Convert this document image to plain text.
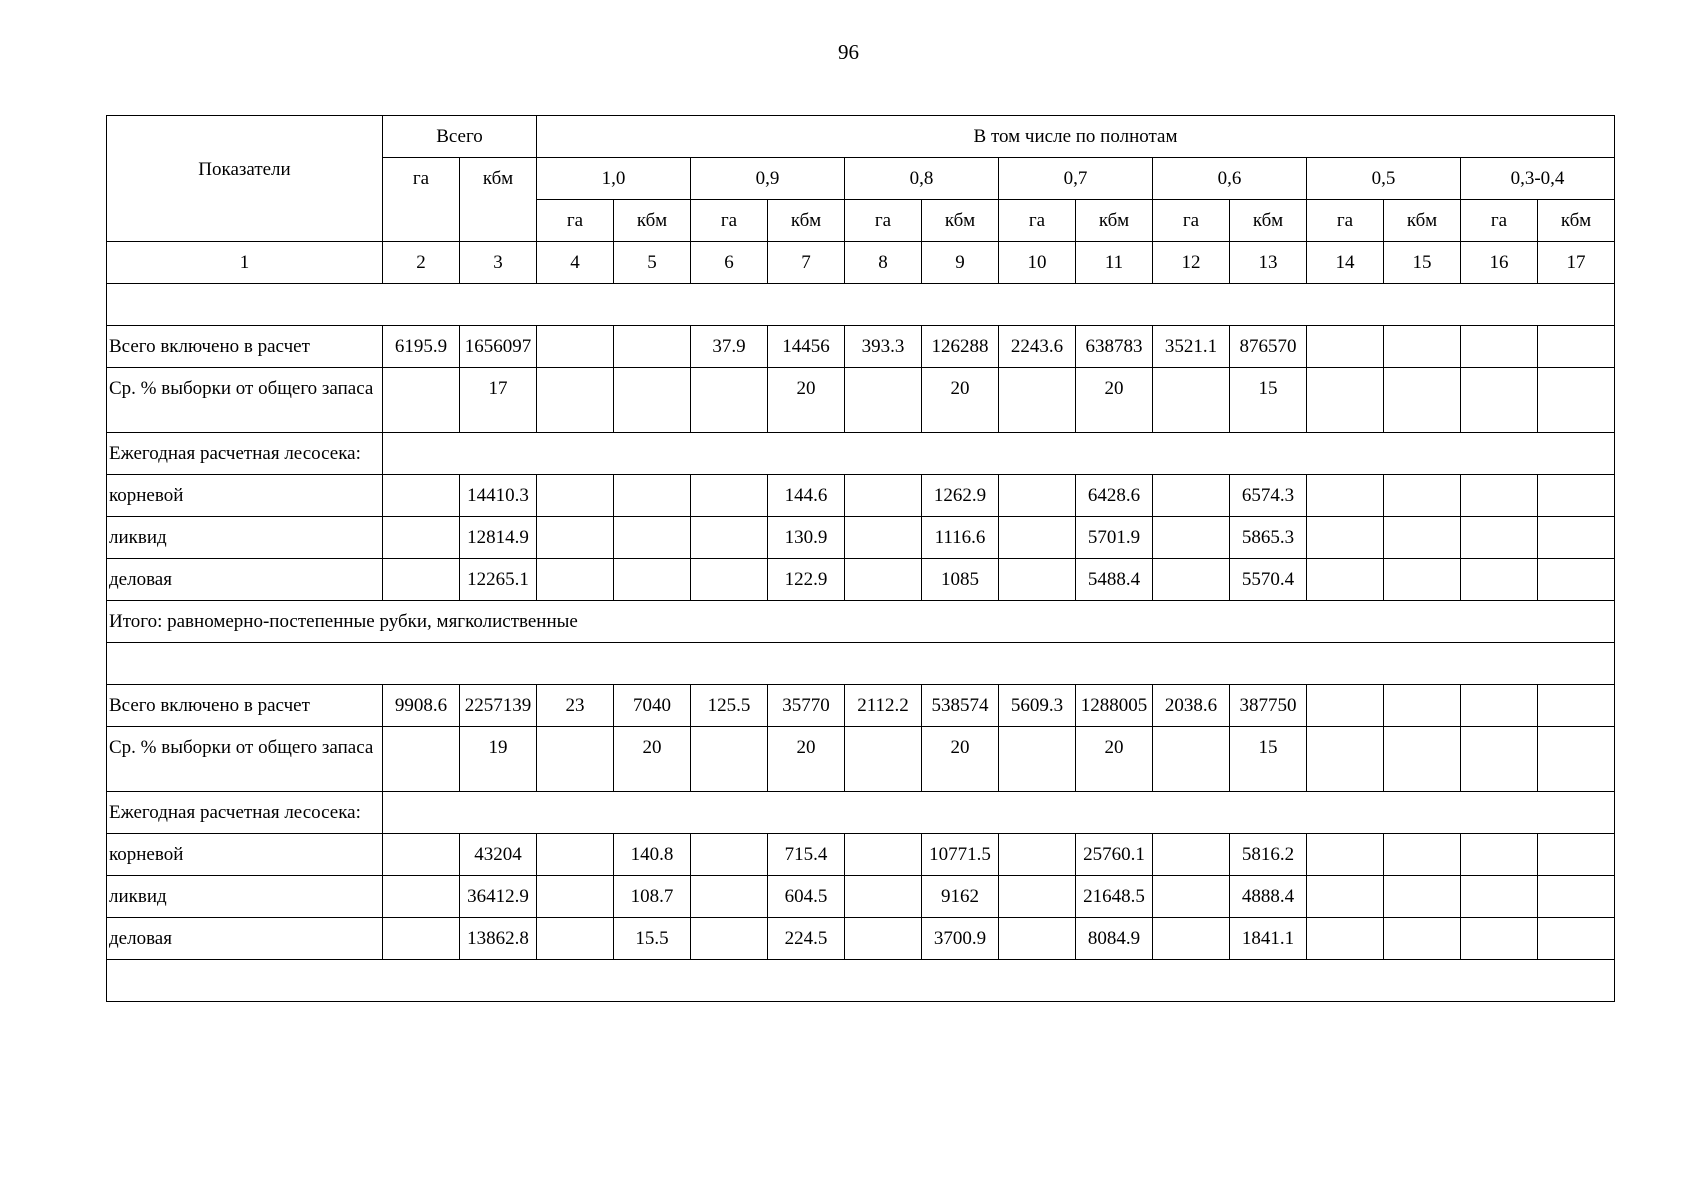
96
Показатели	Всего		В том числе по полнотам													
	га	кбм	1,0		0,9		0,8		0,7		0,6		0,5		0,3-0,4	
			га	кбм	га	кбм	га	кбм	га	кбм	га	кбм	га	кбм	га	кбм
1	2	3	4	5	6	7	8	9	10	11	12	13	14	15	16	17

Всего включено в расчет	6195.9	1656097			37.9	14456	393.3	126288	2243.6	638783	3521.1	876570				
Ср. % выборки от общего запаса		17				20		20		20		15				
Ежегодная расчетная лесосека:																
корневой		14410.3				144.6		1262.9		6428.6		6574.3				
ликвид		12814.9				130.9		1116.6		5701.9		5865.3				
деловая		12265.1				122.9		1085		5488.4		5570.4				
Итого: равномерно-постепенные рубки, мягколиственные																

Всего включено в расчет	9908.6	2257139	23	7040	125.5	35770	2112.2	538574	5609.3	1288005	2038.6	387750				
Ср. % выборки от общего запаса		19		20		20		20		20		15				
Ежегодная расчетная лесосека:																
корневой		43204		140.8		715.4		10771.5		25760.1		5816.2				
ликвид		36412.9		108.7		604.5		9162		21648.5		4888.4				
деловая		13862.8		15.5		224.5		3700.9		8084.9		1841.1				
